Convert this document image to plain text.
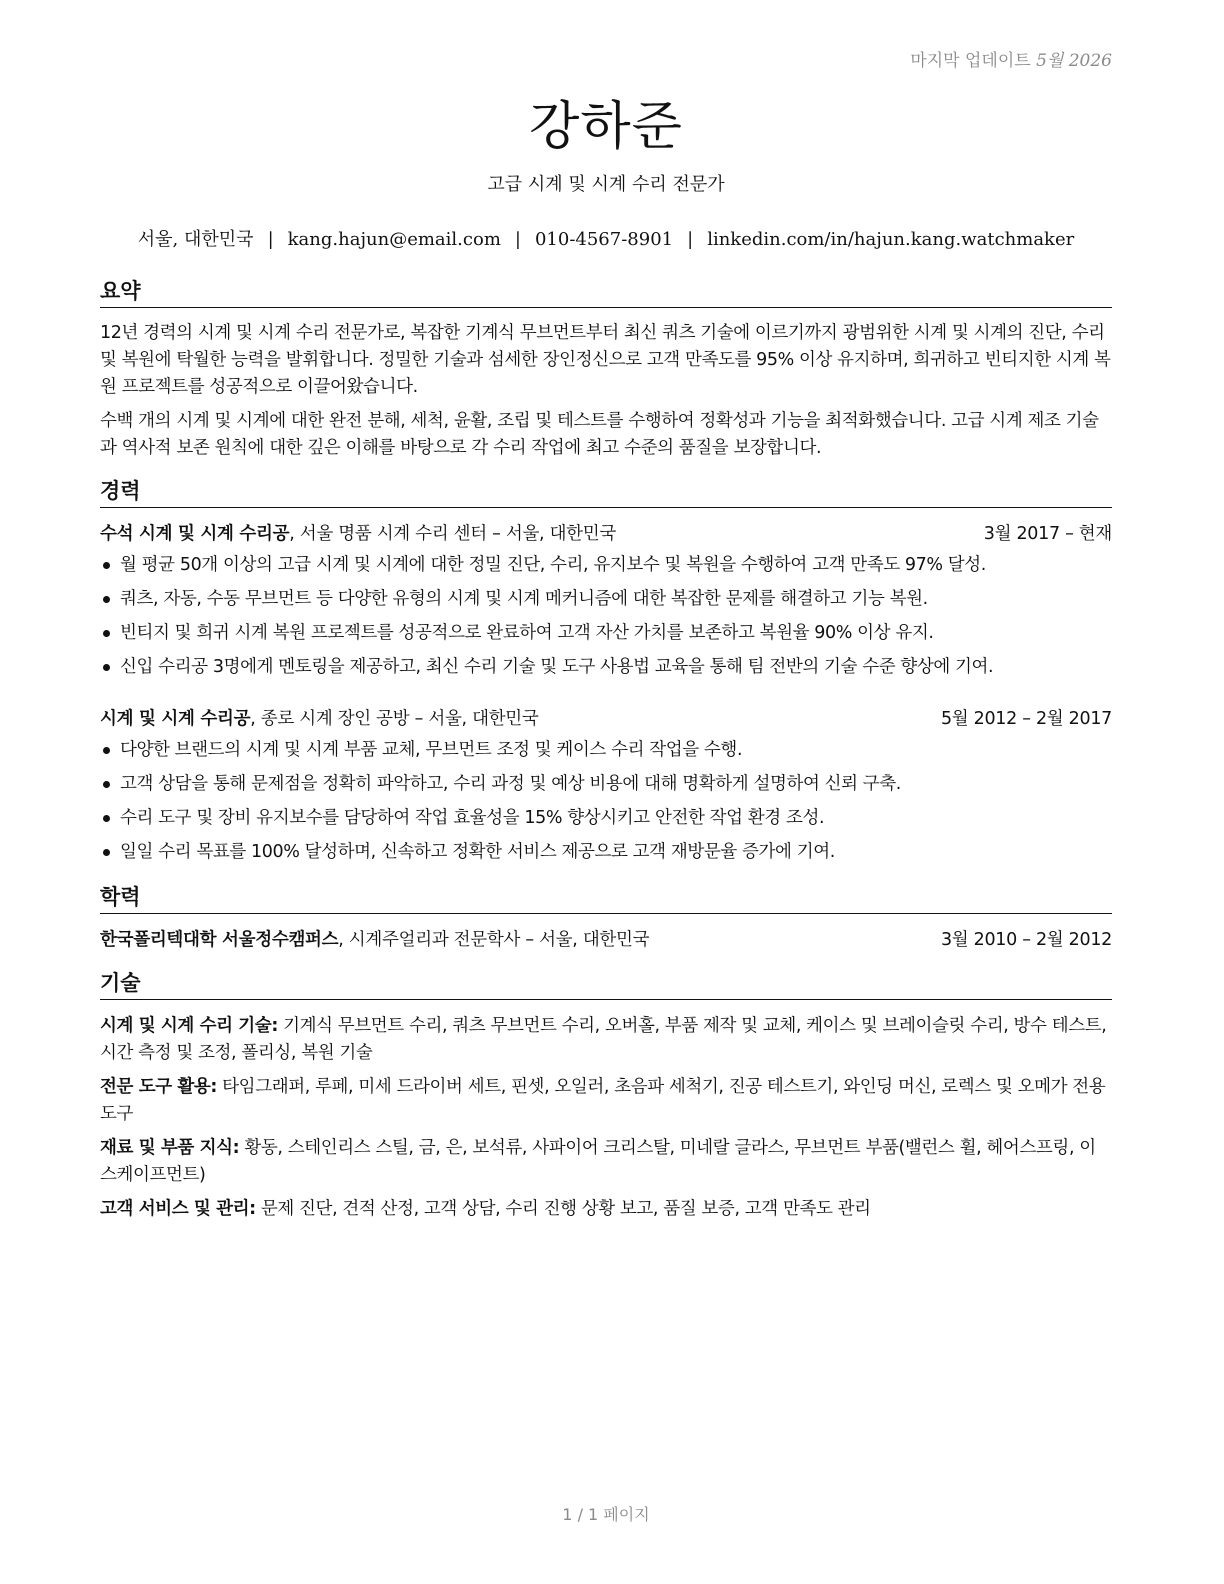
마지막 업데이트 5월 2026
강하준
고급 시계 및 시계 수리 전문가
서울, 대한민국 | kang.hajun@email.com | 010-4567-8901 | linkedin.com/in/hajun.kang.watchmaker
요약
12년 경력의 시계 및 시계 수리 전문가로, 복잡한 기계식 무브먼트부터 최신 쿼츠 기술에 이르기까지 광범위한 시계 및 시계의 진단, 수리 및 복원에 탁월한 능력을 발휘합니다. 정밀한 기술과 섬세한 장인정신으로 고객 만족도를 95% 이상 유지하며, 희귀하고 빈티지한 시계 복원 프로젝트를 성공적으로 이끌어왔습니다.
수백 개의 시계 및 시계에 대한 완전 분해, 세척, 윤활, 조립 및 테스트를 수행하여 정확성과 기능을 최적화했습니다. 고급 시계 제조 기술과 역사적 보존 원칙에 대한 깊은 이해를 바탕으로 각 수리 작업에 최고 수준의 품질을 보장합니다.
경력
수석 시계 및 시계 수리공, 서울 명품 시계 수리 센터 – 서울, 대한민국	3월 2017 – 현재
월 평균 50개 이상의 고급 시계 및 시계에 대한 정밀 진단, 수리, 유지보수 및 복원을 수행하여 고객 만족도 97% 달성.
쿼츠, 자동, 수동 무브먼트 등 다양한 유형의 시계 및 시계 메커니즘에 대한 복잡한 문제를 해결하고 기능 복원.
빈티지 및 희귀 시계 복원 프로젝트를 성공적으로 완료하여 고객 자산 가치를 보존하고 복원율 90% 이상 유지.
신입 수리공 3명에게 멘토링을 제공하고, 최신 수리 기술 및 도구 사용법 교육을 통해 팀 전반의 기술 수준 향상에 기여.
시계 및 시계 수리공, 종로 시계 장인 공방 – 서울, 대한민국	5월 2012 – 2월 2017
다양한 브랜드의 시계 및 시계 부품 교체, 무브먼트 조정 및 케이스 수리 작업을 수행.
고객 상담을 통해 문제점을 정확히 파악하고, 수리 과정 및 예상 비용에 대해 명확하게 설명하여 신뢰 구축.
수리 도구 및 장비 유지보수를 담당하여 작업 효율성을 15% 향상시키고 안전한 작업 환경 조성.
일일 수리 목표를 100% 달성하며, 신속하고 정확한 서비스 제공으로 고객 재방문율 증가에 기여.
학력
한국폴리텍대학 서울정수캠퍼스, 시계주얼리과 전문학사 – 서울, 대한민국	3월 2010 – 2월 2012
기술
시계 및 시계 수리 기술: 기계식 무브먼트 수리, 쿼츠 무브먼트 수리, 오버홀, 부품 제작 및 교체, 케이스 및 브레이슬릿 수리, 방수 테스트, 시간 측정 및 조정, 폴리싱, 복원 기술
전문 도구 활용: 타임그래퍼, 루페, 미세 드라이버 세트, 핀셋, 오일러, 초음파 세척기, 진공 테스트기, 와인딩 머신, 로렉스 및 오메가 전용 도구
재료 및 부품 지식: 황동, 스테인리스 스틸, 금, 은, 보석류, 사파이어 크리스탈, 미네랄 글라스, 무브먼트 부품(밸런스 휠, 헤어스프링, 이스케이프먼트)
고객 서비스 및 관리: 문제 진단, 견적 산정, 고객 상담, 수리 진행 상황 보고, 품질 보증, 고객 만족도 관리
1 / 1 페이지
